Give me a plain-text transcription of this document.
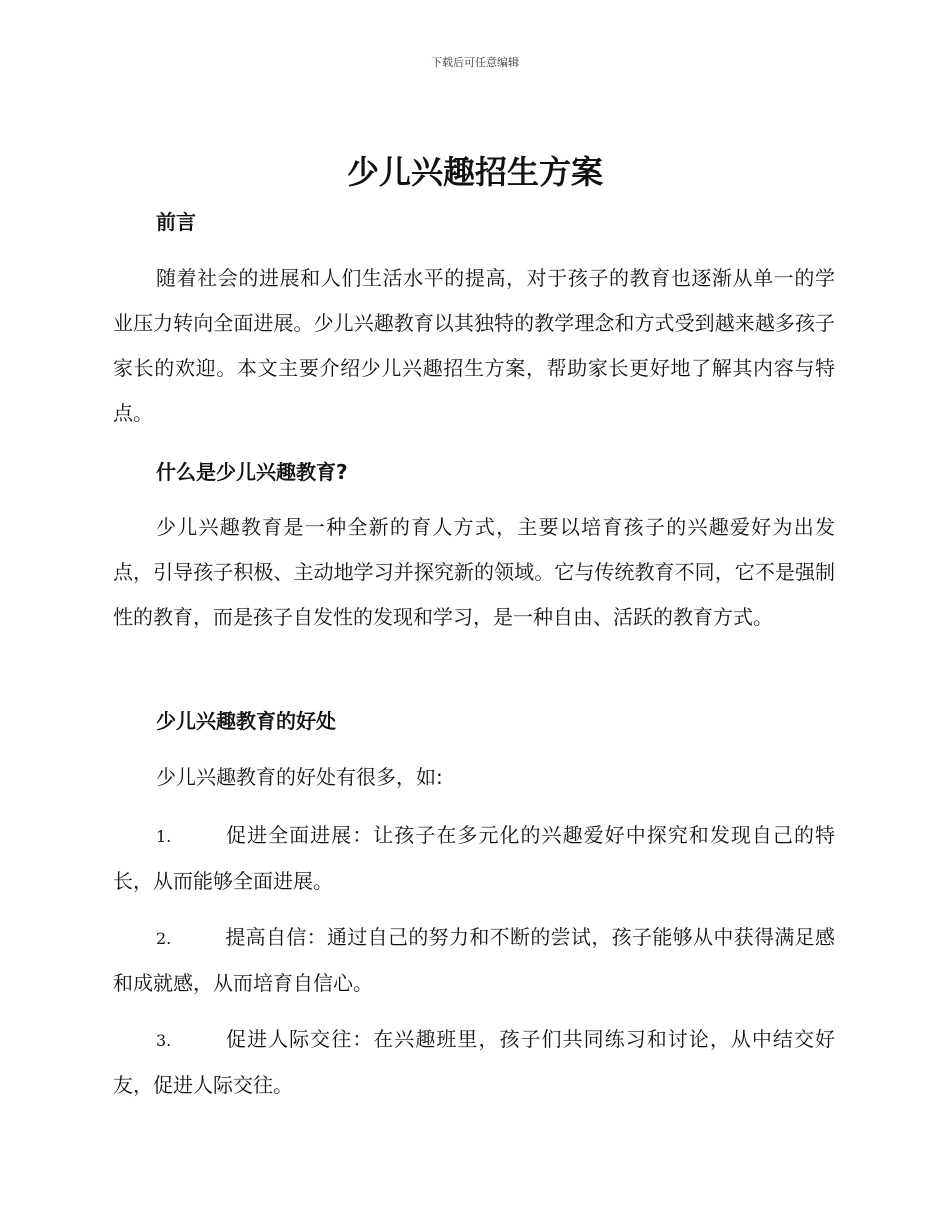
下载后可任意编辑
少儿兴趣招生方案
前言

随着社会的进展和人们生活水平的提高，对于孩子的教育也逐渐从单一的学业压力转向全面进展。少儿兴趣教育以其独特的教学理念和方式受到越来越多孩子家长的欢迎。本文主要介绍少儿兴趣招生方案，帮助家长更好地了解其内容与特点。

什么是少儿兴趣教育?

少儿兴趣教育是一种全新的育人方式，主要以培育孩子的兴趣爱好为出发点，引导孩子积极、主动地学习并探究新的领域。它与传统教育不同，它不是强制性的教育，而是孩子自发性的发现和学习，是一种自由、活跃的教育方式。

少儿兴趣教育的好处

少儿兴趣教育的好处有很多，如:

1.	促进全面进展：让孩子在多元化的兴趣爱好中探究和发现自己的特长，从而能够全面进展。

2.	提高自信：通过自己的努力和不断的尝试，孩子能够从中获得满足感和成就感，从而培育自信心。

3.	促进人际交往：在兴趣班里，孩子们共同练习和讨论，从中结交好友，促进人际交往。
